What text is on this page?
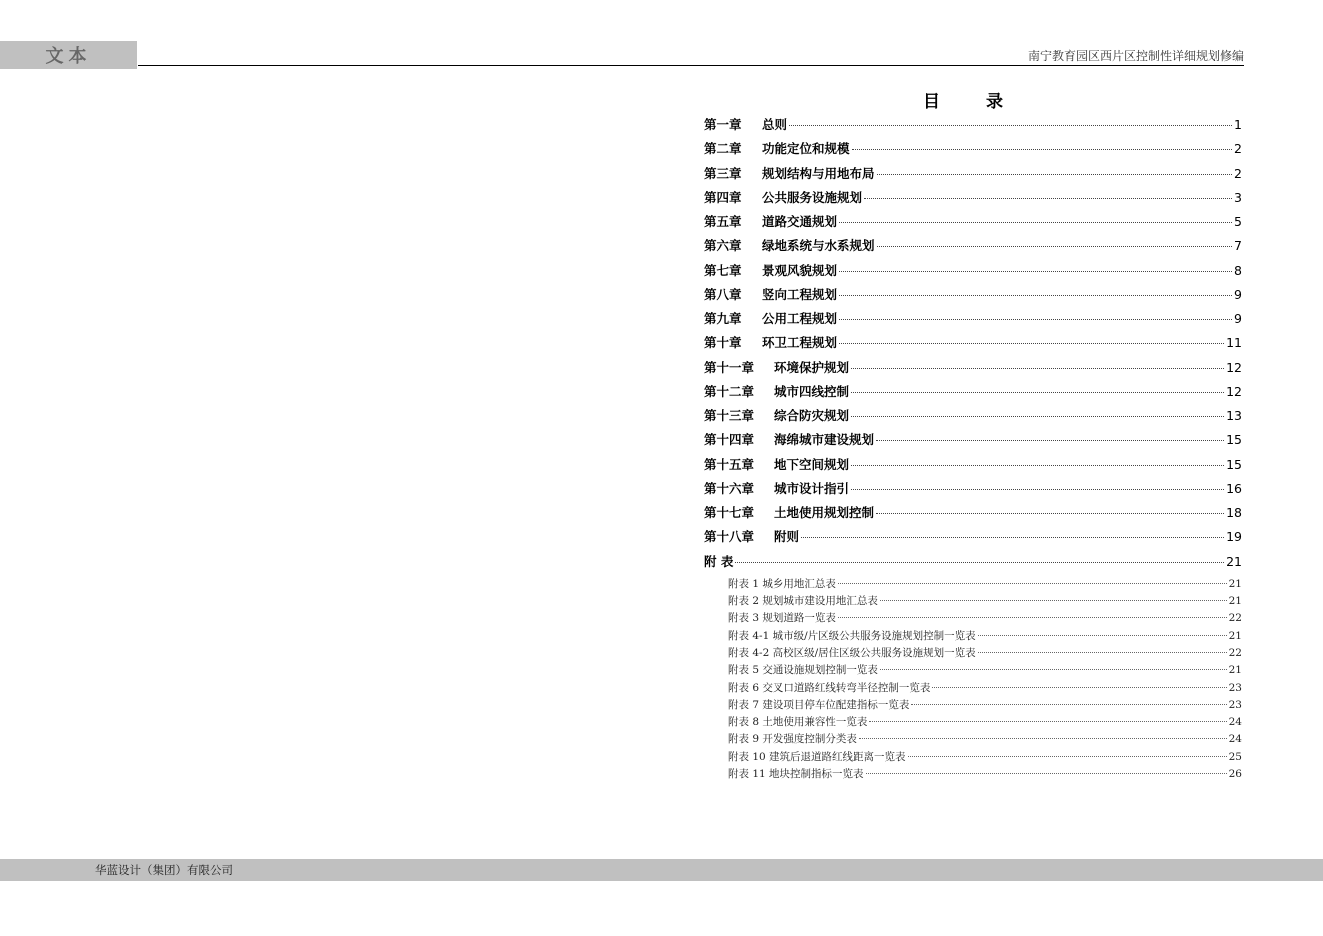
文本	南宁教育园区西片区控制性详细规划修编
目 录
第一章	总则	1
第二章	功能定位和规模	2
第三章	规划结构与用地布局	2
第四章	公共服务设施规划	3
第五章	道路交通规划	5
第六章	绿地系统与水系规划	7
第七章	景观风貌规划	8
第八章	竖向工程规划	9
第九章	公用工程规划	9
第十章	环卫工程规划	11
第十一章	环境保护规划	12
第十二章	城市四线控制	12
第十三章	综合防灾规划	13
第十四章	海绵城市建设规划	15
第十五章	地下空间规划	15
第十六章	城市设计指引	16
第十七章	土地使用规划控制	18
第十八章	附则	19
附 表	21
附表 1 城乡用地汇总表	21
附表 2 规划城市建设用地汇总表	21
附表 3 规划道路一览表	22
附表 4-1 城市级/片区级公共服务设施规划控制一览表	21
附表 4-2 高校区级/居住区级公共服务设施规划一览表	22
附表 5 交通设施规划控制一览表	21
附表 6 交叉口道路红线转弯半径控制一览表	23
附表 7 建设项目停车位配建指标一览表	23
附表 8 土地使用兼容性一览表	24
附表 9 开发强度控制分类表	24
附表 10 建筑后退道路红线距离一览表	25
附表 11 地块控制指标一览表	26
华蓝设计（集团）有限公司
